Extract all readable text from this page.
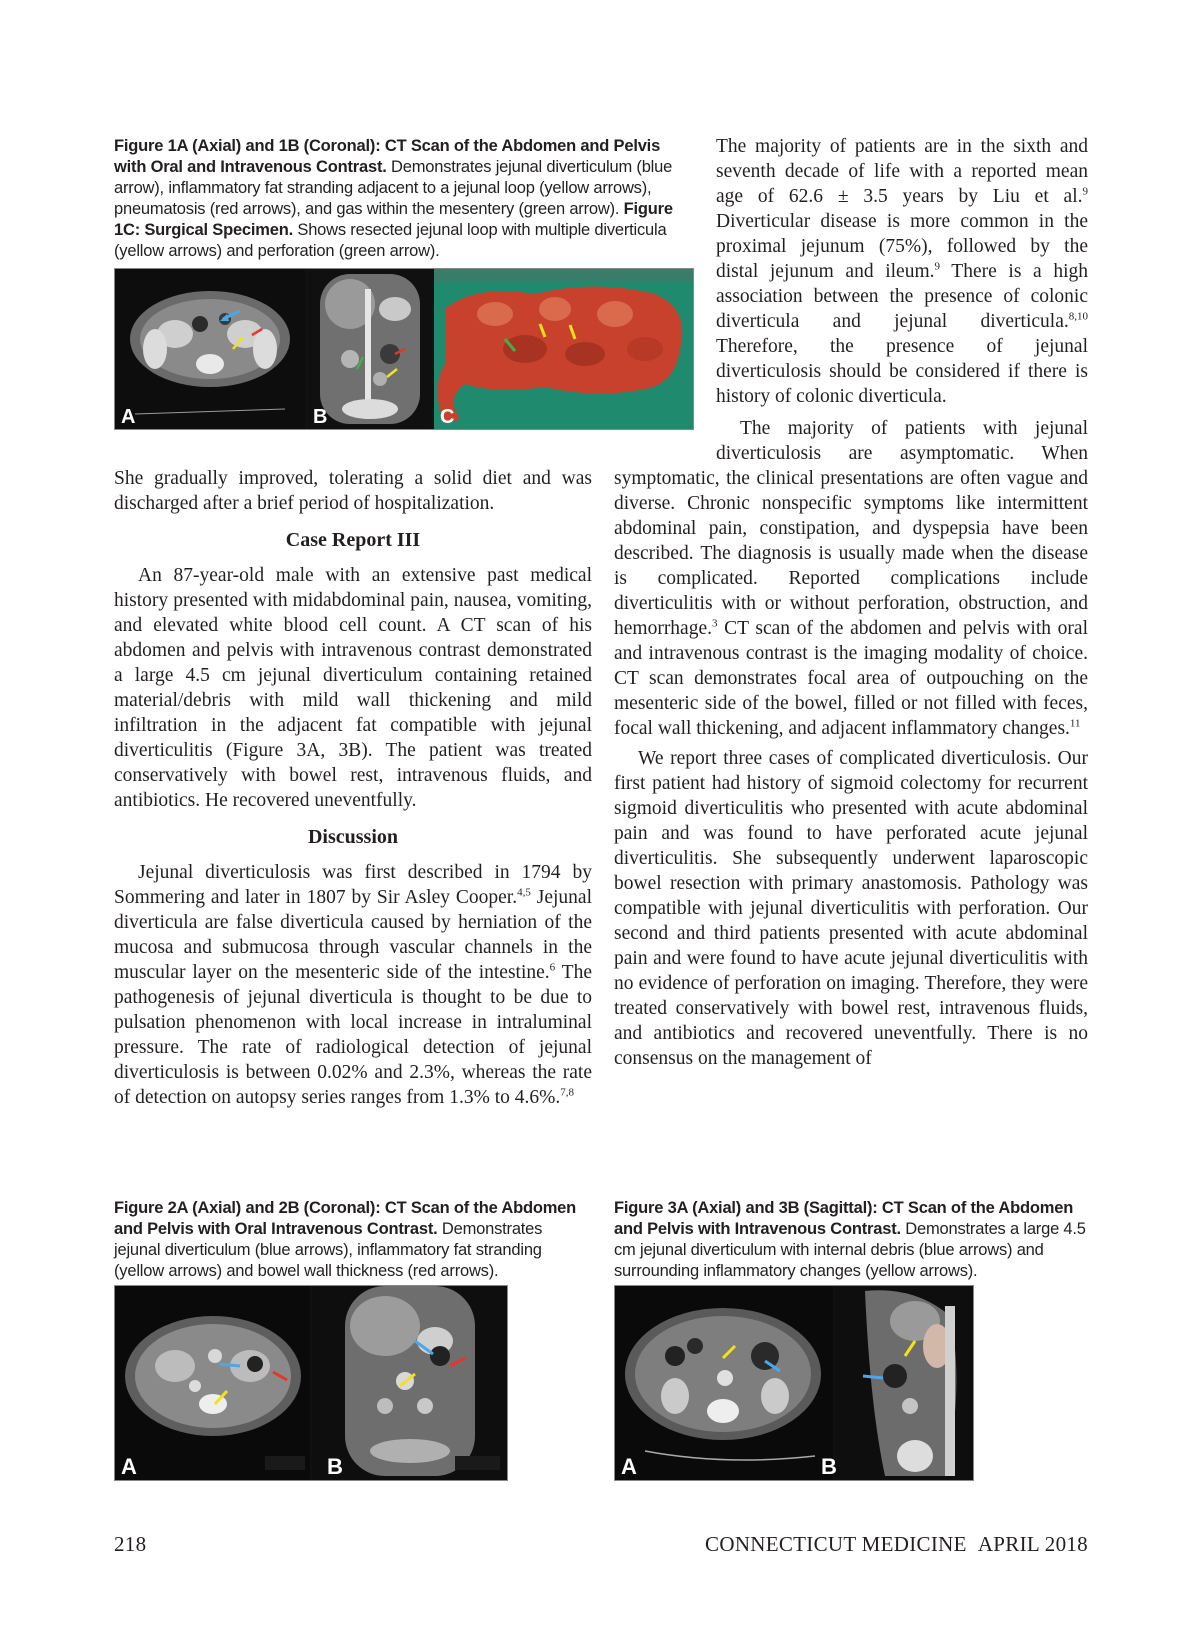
Figure 1A (Axial) and 1B (Coronal): CT Scan of the Abdomen and Pelvis with Oral and Intravenous Contrast. Demonstrates jejunal diverticulum (blue arrow), inflammatory fat stranding adjacent to a jejunal loop (yellow arrows), pneumatosis (red arrows), and gas within the mesentery (green arrow). Figure 1C: Surgical Specimen. Shows resected jejunal loop with multiple diverticula (yellow arrows) and perforation (green arrow).
A	B	C

She gradually improved, tolerating a solid diet and was discharged after a brief period of hospitalization.

Case Report III

An 87-year-old male with an extensive past medical history presented with midabdominal pain, nausea, vomiting, and elevated white blood cell count. A CT scan of his abdomen and pelvis with intravenous contrast demonstrated a large 4.5 cm jejunal diverticulum containing retained material/debris with mild wall thickening and mild infiltration in the adjacent fat compatible with jejunal diverticulitis (Figure 3A, 3B). The patient was treated conservatively with bowel rest, intravenous fluids, and antibiotics. He recovered uneventfully.

Discussion

Jejunal diverticulosis was first described in 1794 by Sommering and later in 1807 by Sir Asley Cooper.$^{4,5}$ Jejunal diverticula are false diverticula caused by herniation of the mucosa and submucosa through vascular channels in the muscular layer on the mesenteric side of the intestine.$^6$ The pathogenesis of jejunal diverticula is thought to be due to pulsation phenomenon with local increase in intraluminal pressure. The rate of radiological detection of jejunal diverticulosis is between 0.02% and 2.3%, whereas the rate of detection on autopsy series ranges from 1.3% to 4.6%.$^{7,8}$

The majority of patients are in the sixth and seventh decade of life with a reported mean age of 62.6 ± 3.5 years by Liu et al.$^9$ Diverticular disease is more common in the proximal jejunum (75%), followed by the distal jejunum and ileum.$^9$ There is a high association between the presence of colonic diverticula and jejunal diverticula.$^{8,10}$ Therefore, the presence of jejunal diverticulosis should be considered if there is history of colonic diverticula.

The majority of patients with jejunal diverticulosis are asymptomatic. When symptomatic, the clinical presentations are often vague and diverse. Chronic nonspecific symptoms like intermittent abdominal pain, constipation, and dyspepsia have been described. The diagnosis is usually made when the disease is complicated. Reported complications include diverticulitis with or without perforation, obstruction, and hemorrhage.$^3$ CT scan of the abdomen and pelvis with oral and intravenous contrast is the imaging modality of choice. CT scan demonstrates focal area of outpouching on the mesenteric side of the bowel, filled or not filled with feces, focal wall thickening, and adjacent inflammatory changes.$^{11}$

We report three cases of complicated diverticulosis. Our first patient had history of sigmoid colectomy for recurrent sigmoid diverticulitis who presented with acute abdominal pain and was found to have perforated acute jejunal diverticulitis. She subsequently underwent laparoscopic bowel resection with primary anastomosis. Pathology was compatible with jejunal diverticulitis with perforation. Our second and third patients presented with acute abdominal pain and were found to have acute jejunal diverticulitis with no evidence of perforation on imaging. Therefore, they were treated conservatively with bowel rest, intravenous fluids, and antibiotics and recovered uneventfully. There is no consensus on the management of

Figure 2A (Axial) and 2B (Coronal): CT Scan of the Abdomen and Pelvis with Oral Intravenous Contrast. Demonstrates jejunal diverticulum (blue arrows), inflammatory fat stranding (yellow arrows) and bowel wall thickness (red arrows).
A	B
Figure 3A (Axial) and 3B (Sagittal): CT Scan of the Abdomen and Pelvis with Intravenous Contrast. Demonstrates a large 4.5 cm jejunal diverticulum with internal debris (blue arrows) and surrounding inflammatory changes (yellow arrows).
A	B
218	CONNECTICUT MEDICINE APRIL 2018
